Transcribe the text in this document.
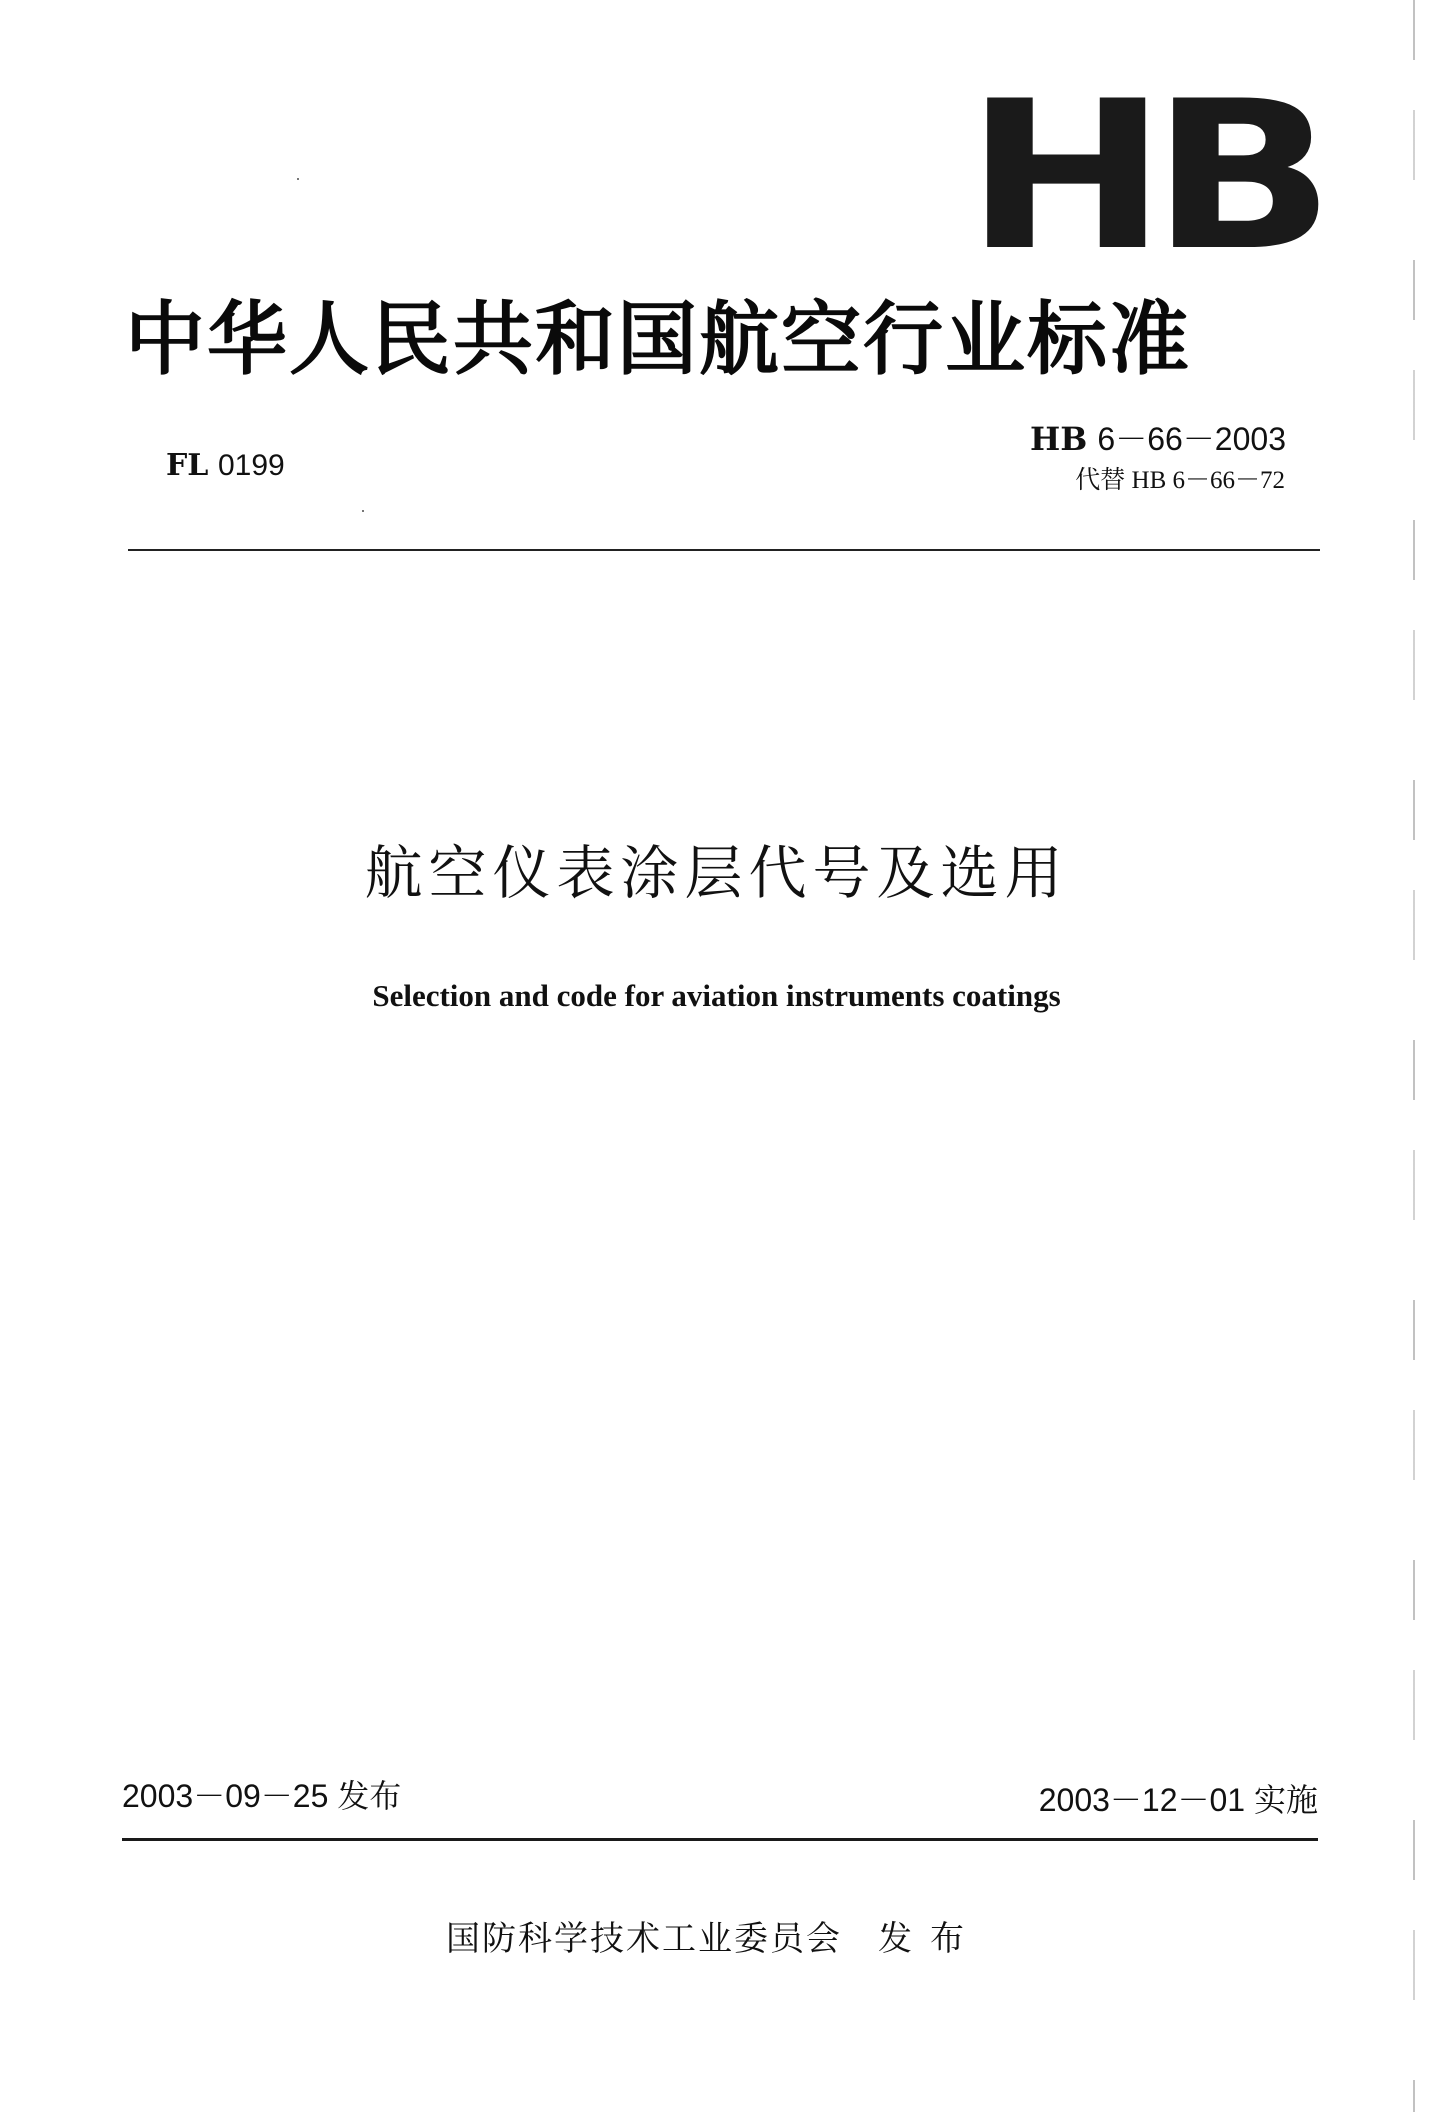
HB
中华人民共和国航空行业标准
FL 0199
HB 6－66－2003
代替 HB 6－66－72
航空仪表涂层代号及选用
Selection and code for aviation instruments coatings
2003－09－25 发布	2003－12－01 实施
国防科学技术工业委员会 发布
